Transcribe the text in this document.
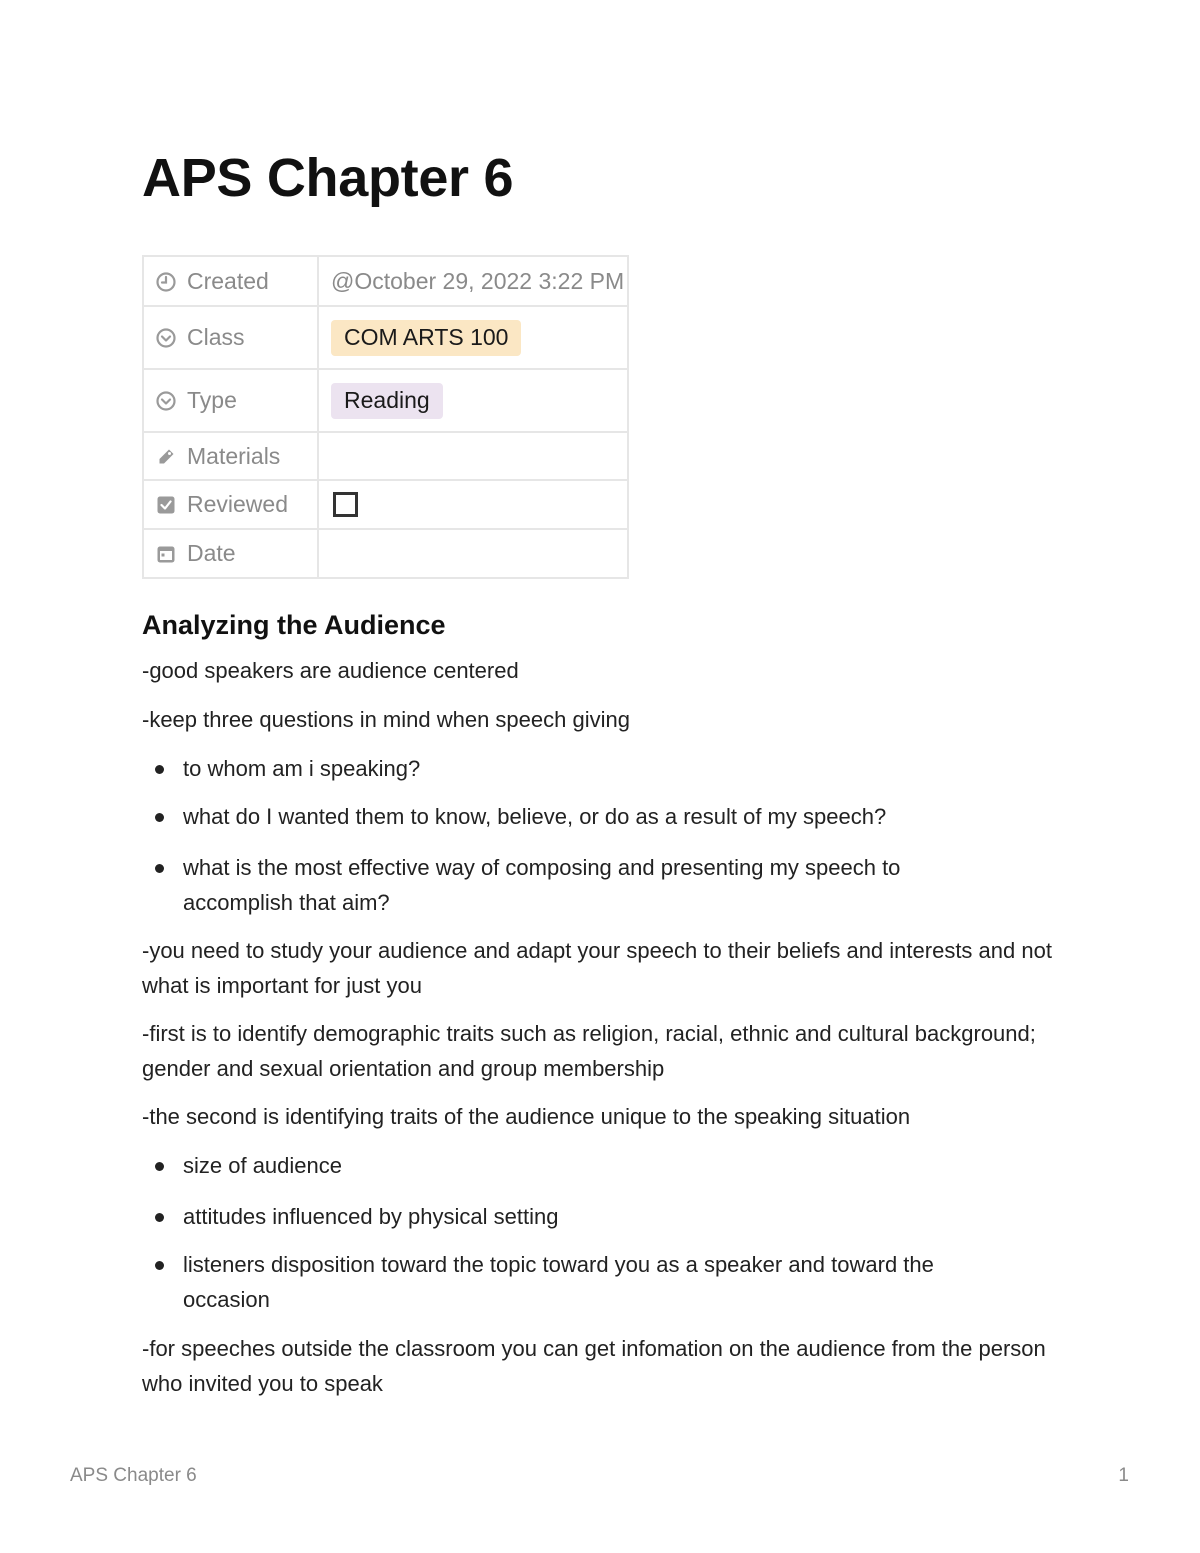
APS Chapter 6
Created	@October 29, 2022 3:22 PM
Class	COM ARTS 100
Type	Reading
Materials	
Reviewed	
Date	
Analyzing the Audience

-good speakers are audience centered

-keep three questions in mind when speech giving

to whom am i speaking?

what do I wanted them to know, believe, or do as a result of my speech?

what is the most effective way of composing and presenting my speech to accomplish that aim?

-you need to study your audience and adapt your speech to their beliefs and interests and not what is important for just you

-first is to identify demographic traits such as religion, racial, ethnic and cultural background; gender and sexual orientation and group membership

-the second is identifying traits of the audience unique to the speaking situation

size of audience

attitudes influenced by physical setting

listeners disposition toward the topic toward you as a speaker and toward the occasion

-for speeches outside the classroom you can get infomation on the audience from the person who invited you to speak

APS Chapter 6	1
